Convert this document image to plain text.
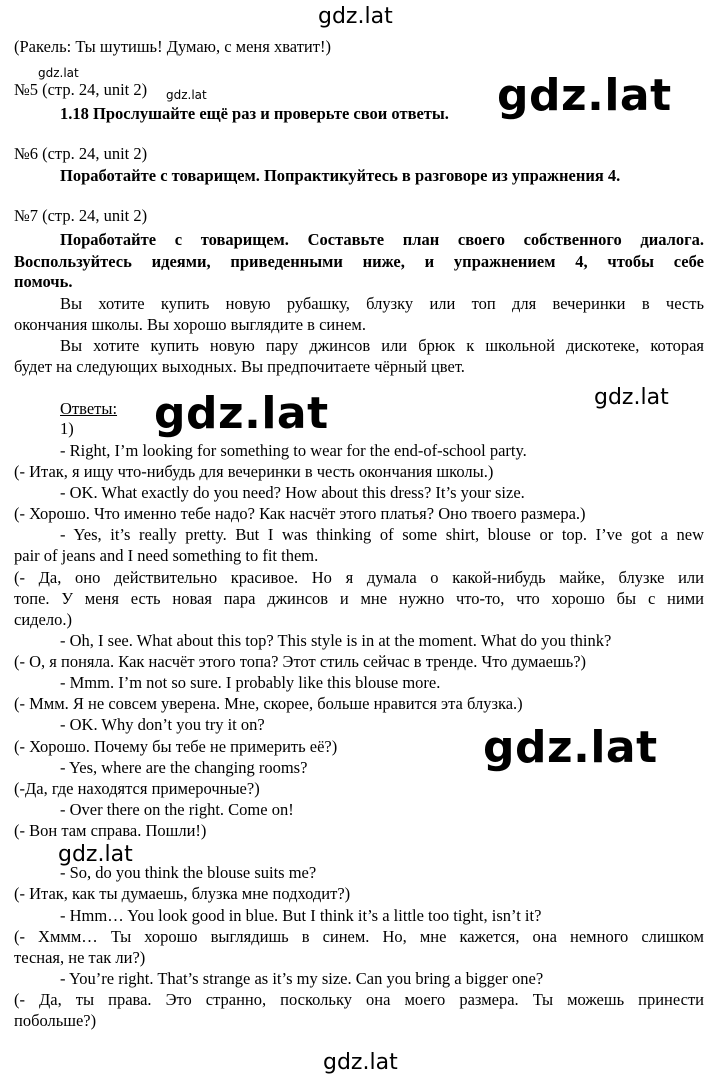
gdz.lat
gdz.lat
gdz.lat	gdz.lat
gdz.lat	gdz.lat
gdz.lat
gdz.lat
gdz.lat
(Ракель: Ты шутишь! Думаю, с меня хватит!)
№5 (стр. 24, unit 2)
1.18 Прослушайте ещё раз и проверьте свои ответы.
№6 (стр. 24, unit 2)
Поработайте с товарищем. Попрактикуйтесь в разговоре из упражнения 4.
№7 (стр. 24, unit 2)
Поработайте с товарищем. Составьте план своего собственного диалога.
Воспользуйтесь идеями, приведенными ниже, и упражнением 4, чтобы себе
помочь.
Вы хотите купить новую рубашку, блузку или топ для вечеринки в честь
окончания школы. Вы хорошо выглядите в синем.
Вы хотите купить новую пару джинсов или брюк к школьной дискотеке, которая
будет на следующих выходных. Вы предпочитаете чёрный цвет.
Ответы:
1)
- Right, I’m looking for something to wear for the end-of-school party.
(- Итак, я ищу что-нибудь для вечеринки в честь окончания школы.)
- OK. What exactly do you need? How about this dress? It’s your size.
(- Хорошо. Что именно тебе надо? Как насчёт этого платья? Оно твоего размера.)
- Yes, it’s really pretty. But I was thinking of some shirt, blouse or top. I’ve got a new
pair of jeans and I need something to fit them.
(- Да, оно действительно красивое. Но я думала о какой-нибудь майке, блузке или
топе. У меня есть новая пара джинсов и мне нужно что-то, что хорошо бы с ними
сидело.)
- Oh, I see. What about this top? This style is in at the moment. What do you think?
(- О, я поняла. Как насчёт этого топа? Этот стиль сейчас в тренде. Что думаешь?)
- Mmm. I’m not so sure. I probably like this blouse more.
(- Ммм. Я не совсем уверена. Мне, скорее, больше нравится эта блузка.)
- OK. Why don’t you try it on?
(- Хорошо. Почему бы тебе не примерить её?)
- Yes, where are the changing rooms?
(-Да, где находятся примерочные?)
- Over there on the right. Come on!
(- Вон там справа. Пошли!)
- So, do you think the blouse suits me?
(- Итак, как ты думаешь, блузка мне подходит?)
- Hmm… You look good in blue. But I think it’s a little too tight, isn’t it?
(- Хммм… Ты хорошо выглядишь в синем. Но, мне кажется, она немного слишком
тесная, не так ли?)
- You’re right. That’s strange as it’s my size. Can you bring a bigger one?
(- Да, ты права. Это странно, поскольку она моего размера. Ты можешь принести
побольше?)
